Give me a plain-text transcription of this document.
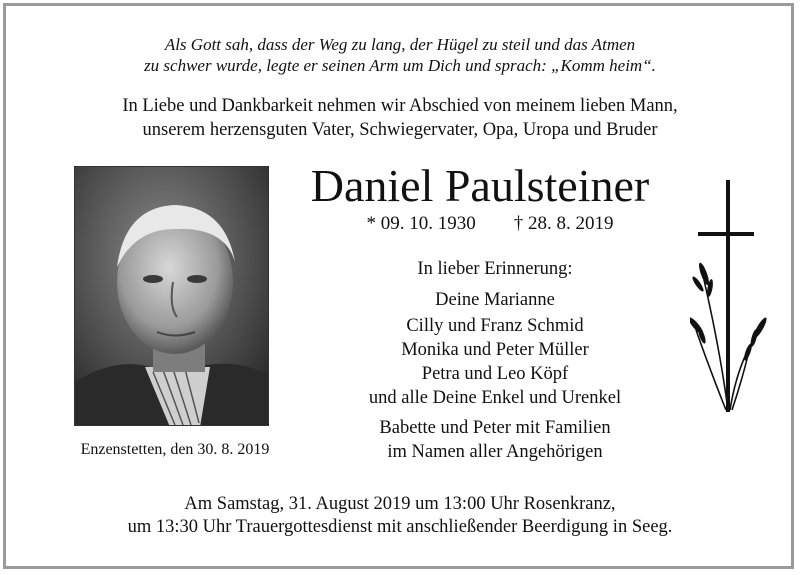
Als Gott sah, dass der Weg zu lang, der Hügel zu steil und das Atmen
zu schwer wurde, legte er seinen Arm um Dich und sprach: „Komm heim“.
In Liebe und Dankbarkeit nehmen wir Abschied von meinem lieben Mann,
unserem herzensguten Vater, Schwiegervater, Opa, Uropa und Bruder
Daniel Paulsteiner
* 09. 10. 1930 † 28. 8. 2019
In lieber Erinnerung:
Deine Marianne
Cilly und Franz Schmid
Monika und Peter Müller
Petra und Leo Köpf
und alle Deine Enkel und Urenkel
Babette und Peter mit Familien
im Namen aller Angehörigen
Enzenstetten, den 30. 8. 2019
Am Samstag, 31. August 2019 um 13:00 Uhr Rosenkranz,
um 13:30 Uhr Trauergottesdienst mit anschließender Beerdigung in Seeg.
